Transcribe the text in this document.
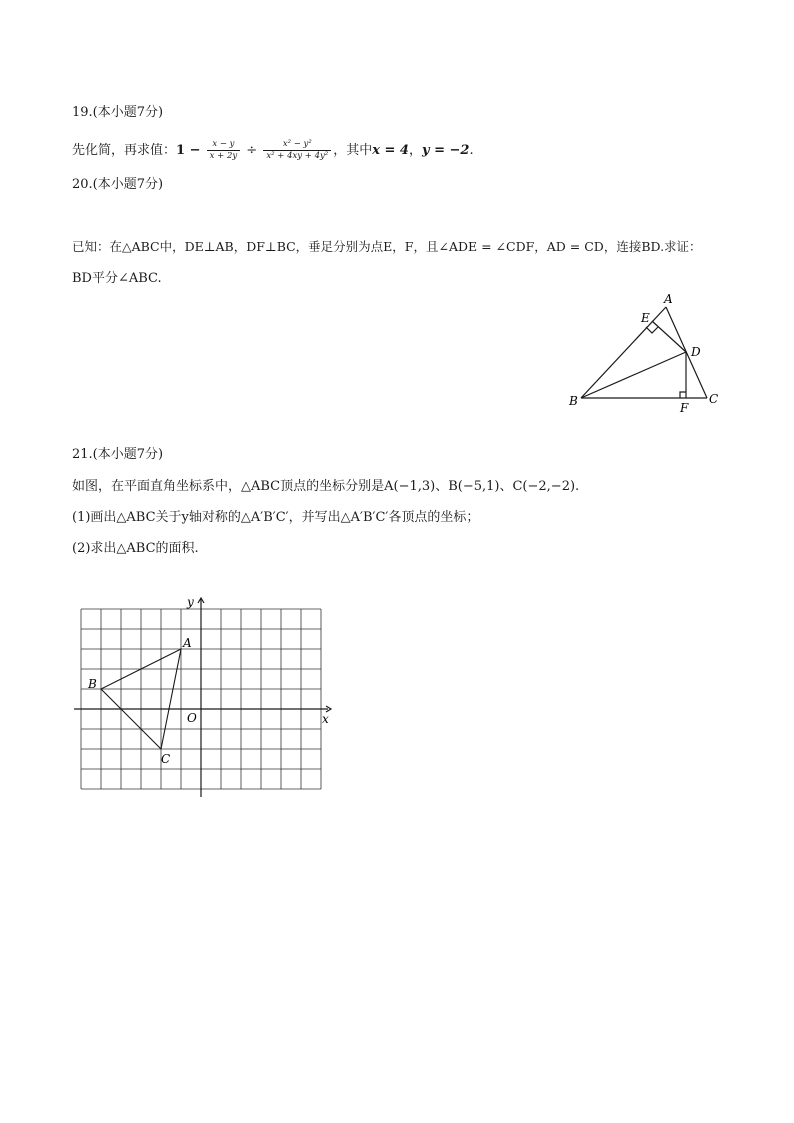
19.(本小题7分)
先化简，再求值：$1 - \frac{x - y}{x + 2y} \div \frac{\text{x² − y²}}{\text{x² + 4xy + 4y²}}$ ，其中x = 4，y = −2.
20.(本小题7分)
已知：在△ABC中，DE⊥AB，DF⊥BC，垂足分别为点E，F，且∠ADE = ∠CDF，AD = CD，连接BD.求证：
BD平分∠ABC.
A
E
D
B	F
C
21.(本小题7分)
如图，在平面直角坐标系中，△ABC顶点的坐标分别是A(−1,3)、B(−5,1)、C(−2,−2).
(1)画出△ABC关于y轴对称的△A′B′C′，并写出△A′B′C′各顶点的坐标；
(2)求出△ABC的面积.
A
B
C
O	x
y
